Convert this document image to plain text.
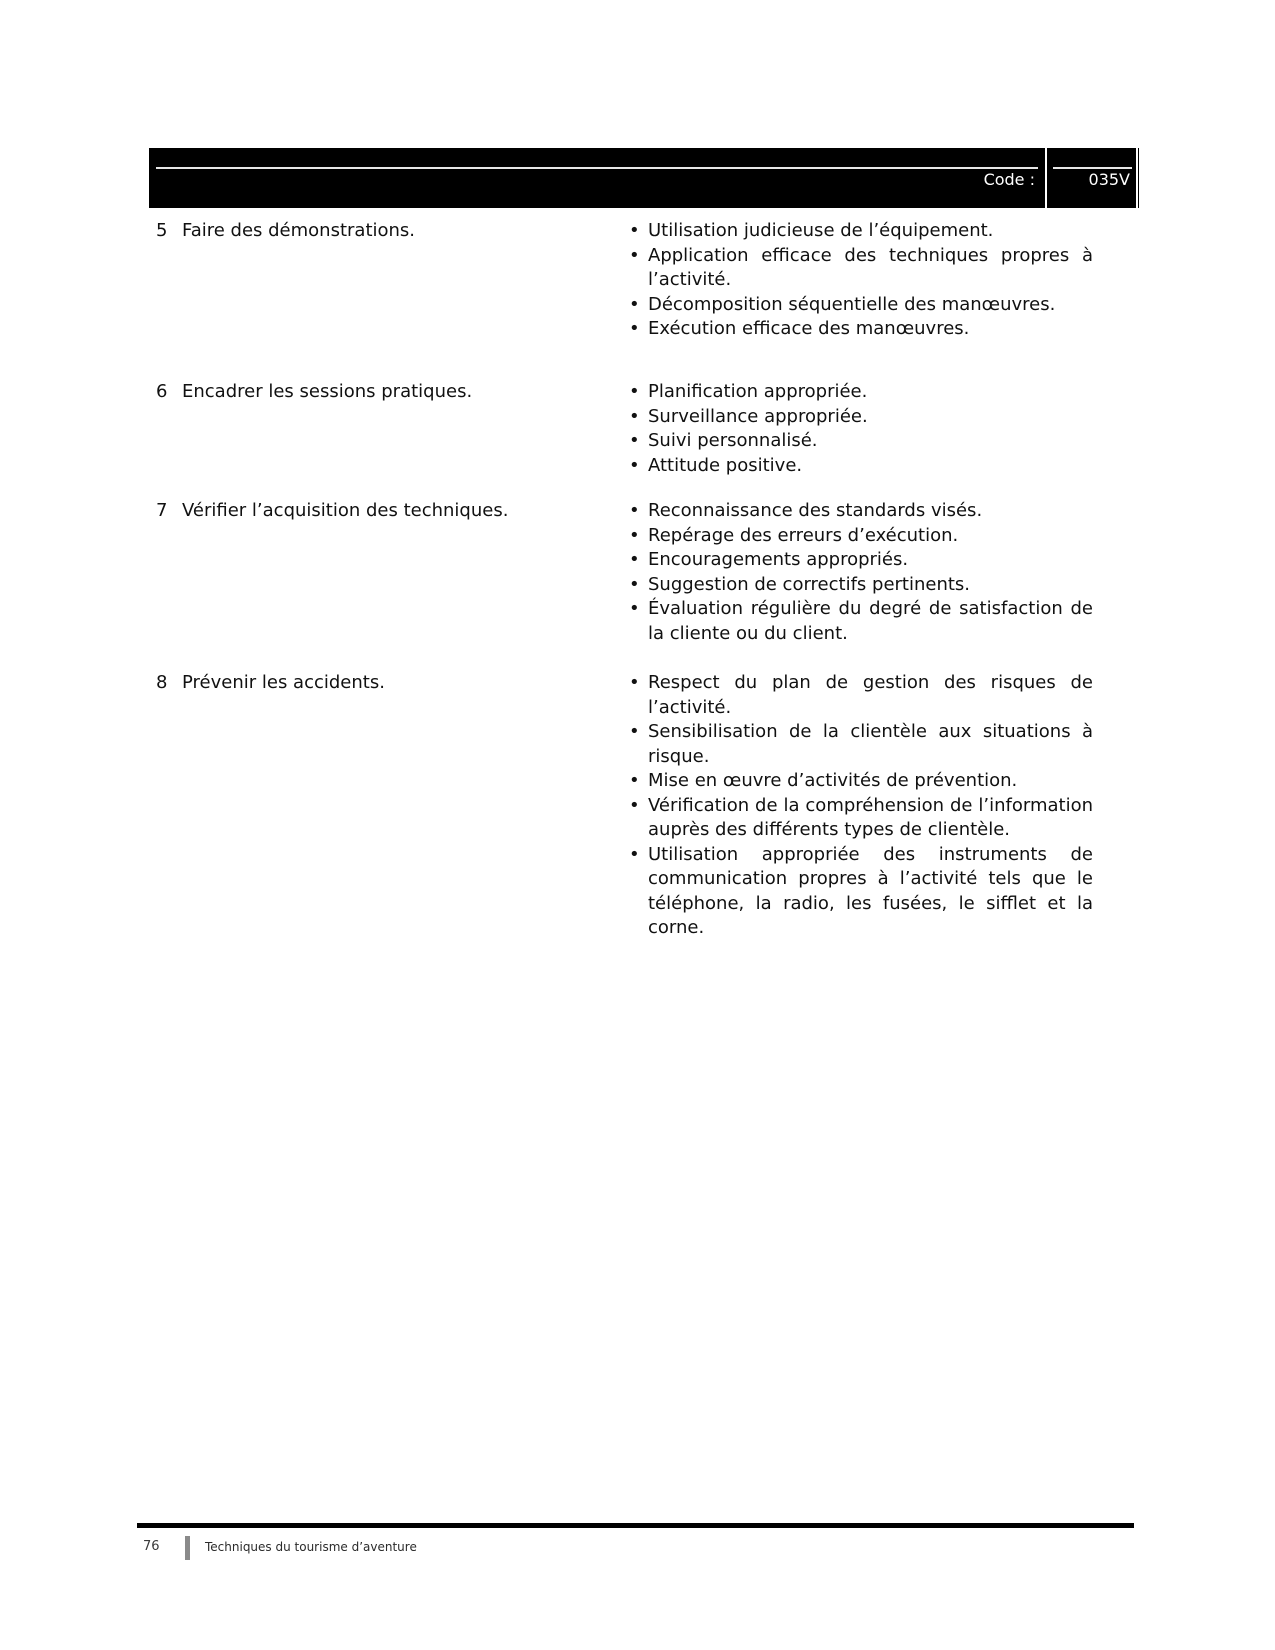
Code :	035V
5 Faire des démonstrations.	• Utilisation judicieuse de l’équipement.
• Application efficace des techniques propres à l’activité.
• Décomposition séquentielle des manœuvres.
• Exécution efficace des manœuvres.
6 Encadrer les sessions pratiques.	• Planification appropriée.
• Surveillance appropriée.
• Suivi personnalisé.
• Attitude positive.
7 Vérifier l’acquisition des techniques.	• Reconnaissance des standards visés.
• Repérage des erreurs d’exécution.
• Encouragements appropriés.
• Suggestion de correctifs pertinents.
• Évaluation régulière du degré de satisfaction de la cliente ou du client.
8 Prévenir les accidents.	• Respect du plan de gestion des risques de l’activité.
• Sensibilisation de la clientèle aux situations à risque.
• Mise en œuvre d’activités de prévention.
• Vérification de la compréhension de l’information auprès des différents types de clientèle.
• Utilisation appropriée des instruments de communication propres à l’activité tels que le téléphone, la radio, les fusées, le sifflet et la corne.
76	Techniques du tourisme d’aventure
